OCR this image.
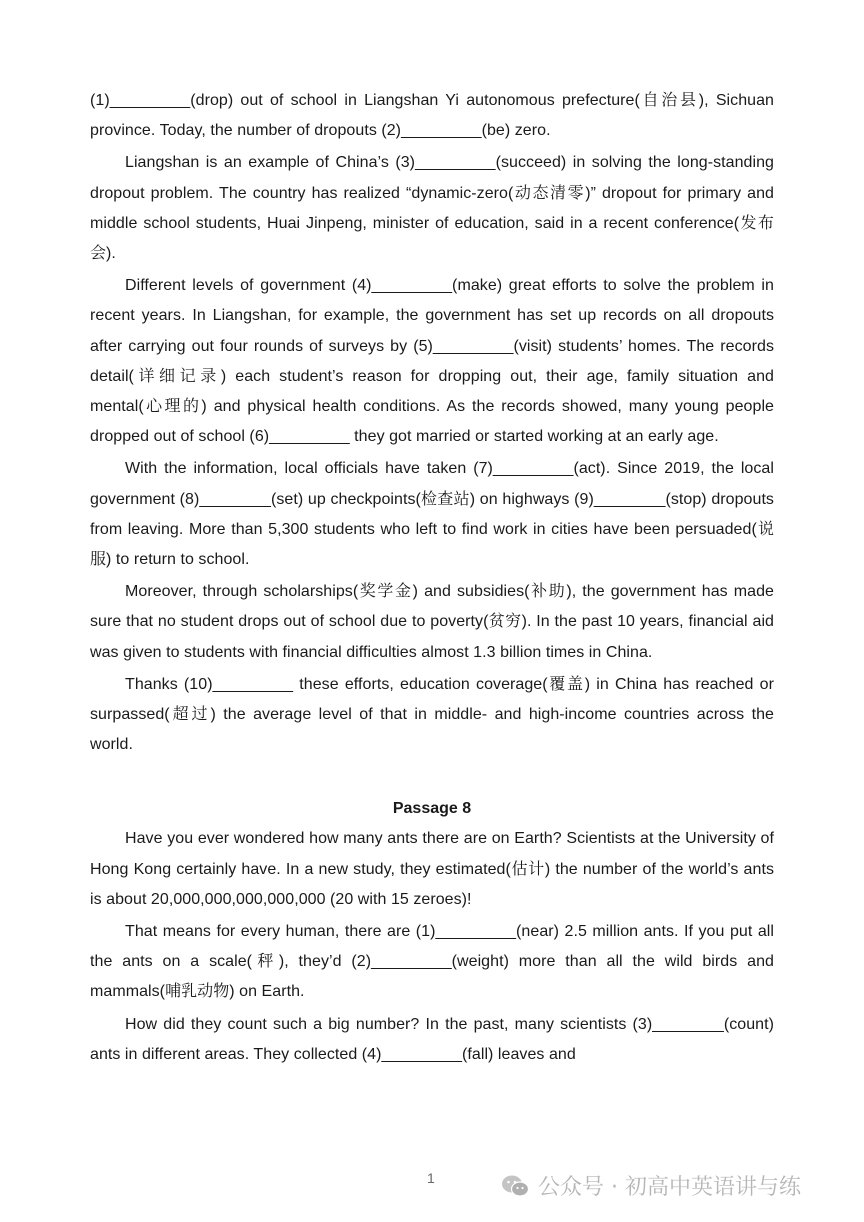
(1)_________(drop) out of school in Liangshan Yi autonomous prefecture(自治县), Sichuan province. Today, the number of dropouts (2)_________(be) zero.

Liangshan is an example of China’s (3)_________(succeed) in solving the long-standing dropout problem. The country has realized “dynamic-zero(动态清零)” dropout for primary and middle school students, Huai Jinpeng, minister of education, said in a recent conference(发布会).

Different levels of government (4)_________(make) great efforts to solve the problem in recent years. In Liangshan, for example, the government has set up records on all dropouts after carrying out four rounds of surveys by (5)_________(visit) students’ homes. The records detail(详细记录) each student’s reason for dropping out, their age, family situation and mental(心理的) and physical health conditions. As the records showed, many young people dropped out of school (6)_________ they got married or started working at an early age.

With the information, local officials have taken (7)_________(act). Since 2019, the local government (8)________(set) up checkpoints(检查站) on highways (9)________(stop) dropouts from leaving. More than 5,300 students who left to find work in cities have been persuaded(说服) to return to school.

Moreover, through scholarships(奖学金) and subsidies(补助), the government has made sure that no student drops out of school due to poverty(贫穷). In the past 10 years, financial aid was given to students with financial difficulties almost 1.3 billion times in China.

Thanks (10)_________ these efforts, education coverage(覆盖) in China has reached or surpassed(超过) the average level of that in middle- and high-income countries across the world.

Passage 8

Have you ever wondered how many ants there are on Earth? Scientists at the University of Hong Kong certainly have. In a new study, they estimated(估计) the number of the world’s ants is about 20,000,000,000,000,000 (20 with 15 zeroes)!

That means for every human, there are (1)_________(near) 2.5 million ants. If you put all the ants on a scale(秤), they’d (2)_________(weight) more than all the wild birds and mammals(哺乳动物) on Earth.

How did they count such a big number? In the past, many scientists (3)________(count) ants in different areas. They collected (4)_________(fall) leaves and

1	公众号 · 初高中英语讲与练
